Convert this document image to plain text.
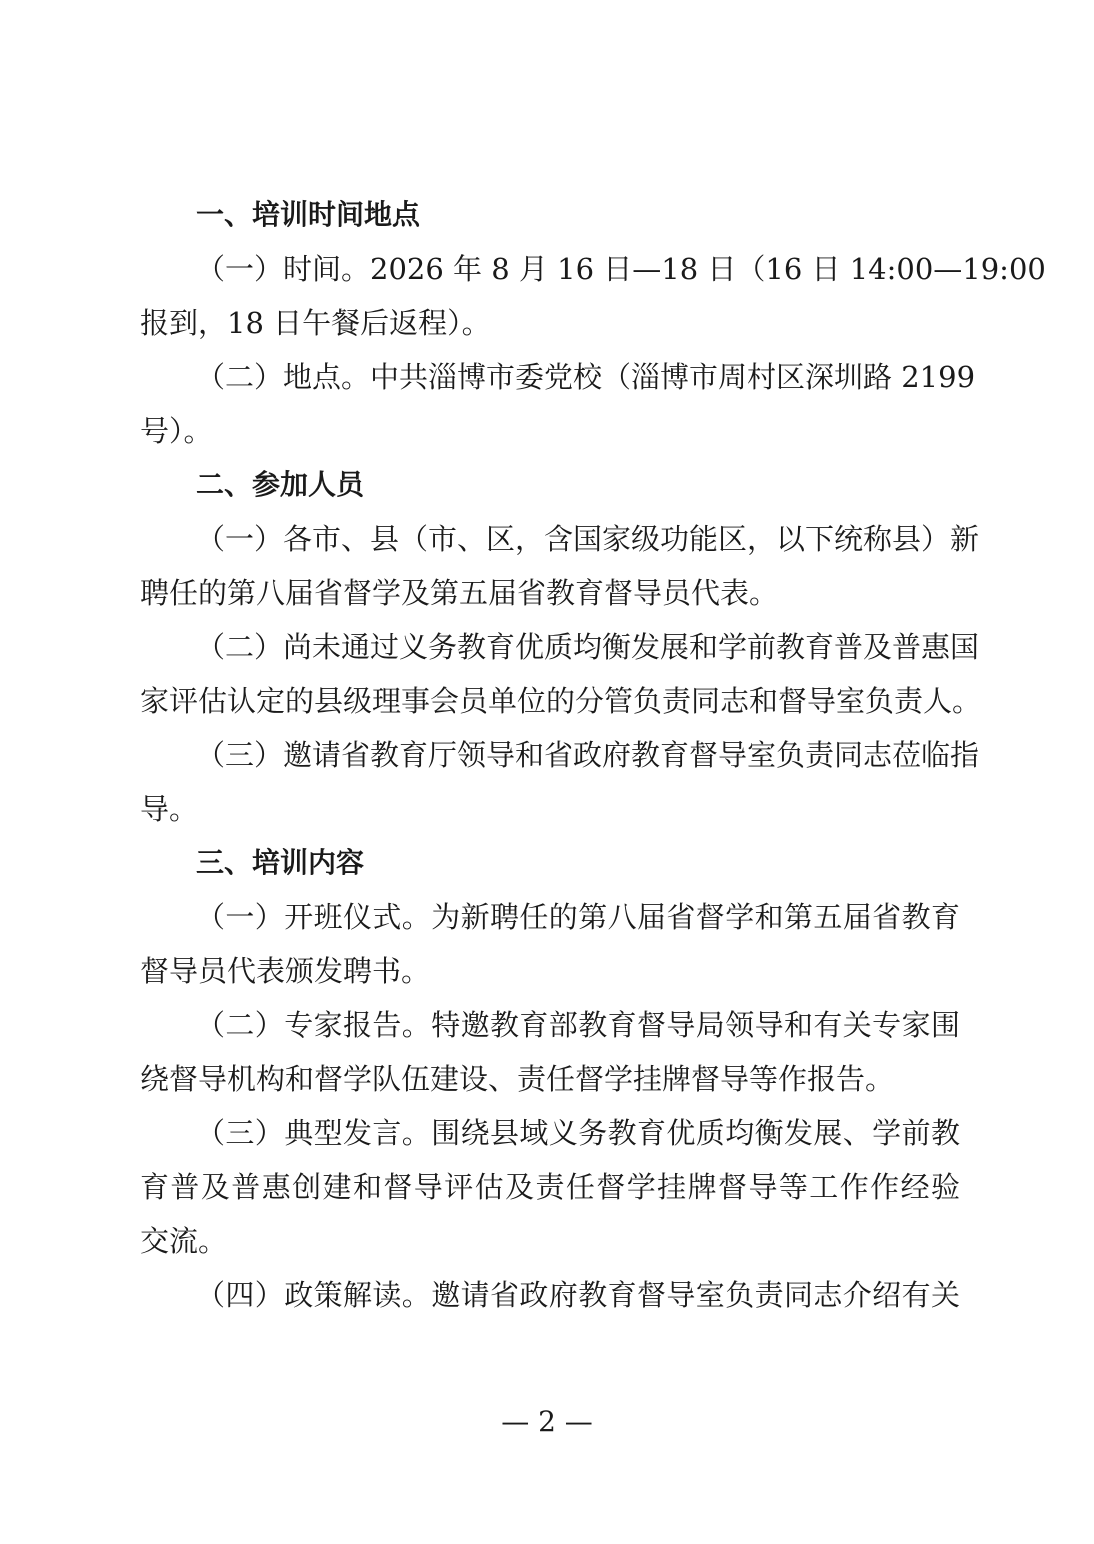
一、培训时间地点
（一）时间。2026 年 8 月 16 日—18 日（16 日 14:00—19:00
报到，18 日午餐后返程）。
（二）地点。中共淄博市委党校（淄博市周村区深圳路 2199
号）。
二、参加人员
（一）各市、县（市、区，含国家级功能区，以下统称县）新
聘任的第八届省督学及第五届省教育督导员代表。
（二）尚未通过义务教育优质均衡发展和学前教育普及普惠国
家评估认定的县级理事会员单位的分管负责同志和督导室负责人。
（三）邀请省教育厅领导和省政府教育督导室负责同志莅临指
导。
三、培训内容
（一）开班仪式。为新聘任的第八届省督学和第五届省教育
督导员代表颁发聘书。
（二）专家报告。特邀教育部教育督导局领导和有关专家围
绕督导机构和督学队伍建设、责任督学挂牌督导等作报告。
（三）典型发言。围绕县域义务教育优质均衡发展、学前教
育普及普惠创建和督导评估及责任督学挂牌督导等工作作经验
交流。
（四）政策解读。邀请省政府教育督导室负责同志介绍有关
— 2 —
